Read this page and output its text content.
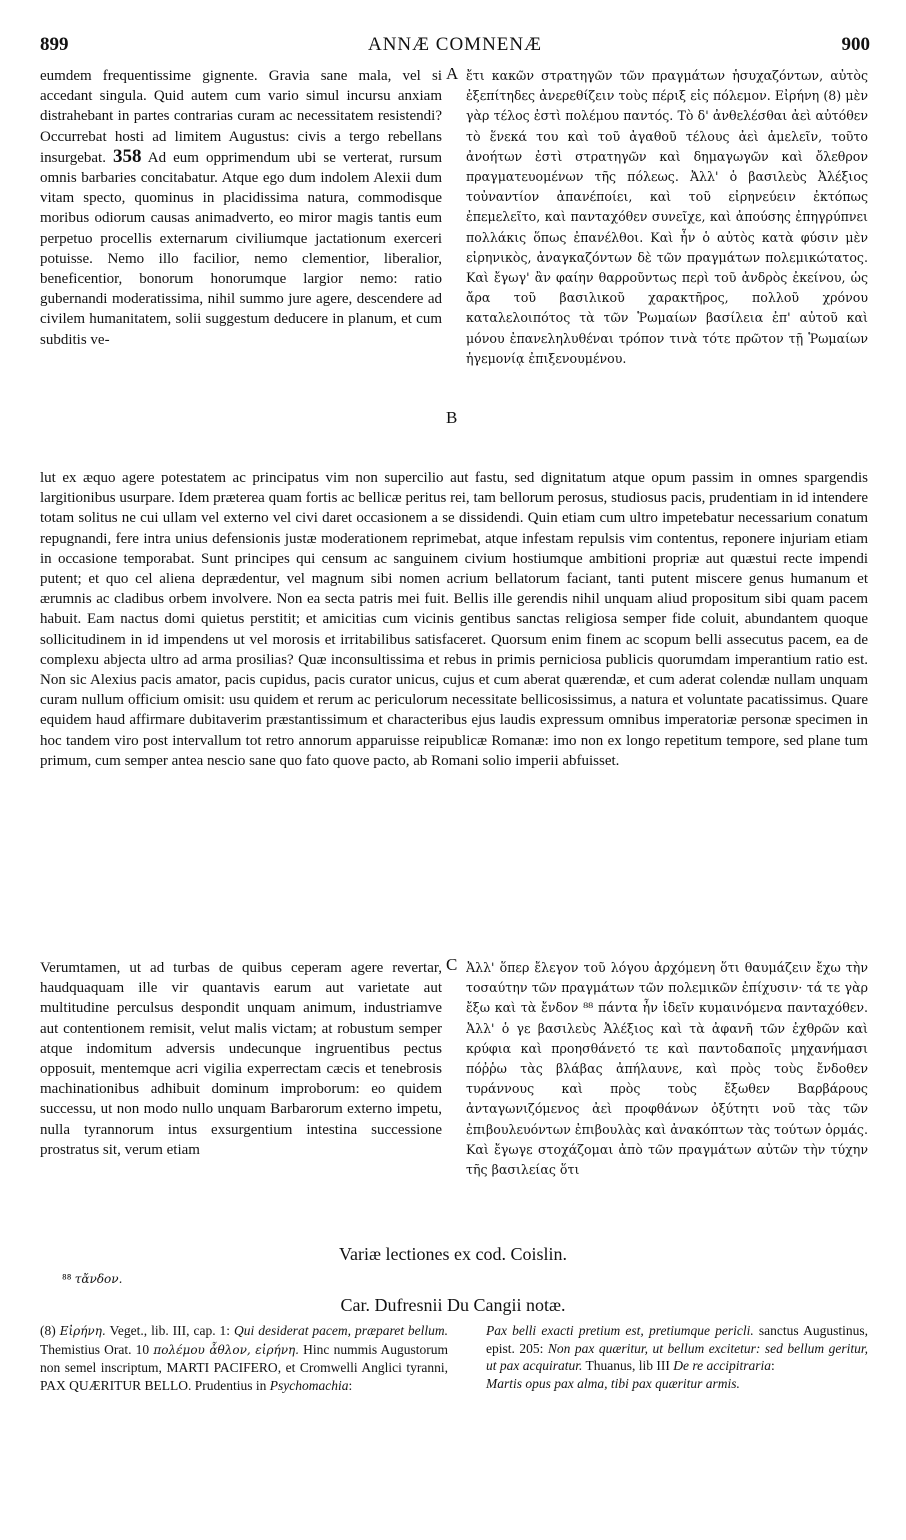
899	ANNÆ COMNENÆ	900
eumdem frequentissime gignente. Gravia sane mala, vel si accedant singula. Quid autem cum vario simul incursu anxiam distrahebant in partes contrarias curam ac necessitatem resistendi? Occurrebat hosti ad limitem Augustus: civis a tergo rebellans insurgebat. 358 Ad eum opprimendum ubi se verterat, rursum omnis barbaries concitabatur. Atque ego dum indolem Alexii dum vitam specto, quominus in placidissima natura, commodisque moribus odiorum causas animadverto, eo miror magis tantis eum perpetuo procellis externarum civiliumque jactationum exerceri potuisse. Nemo illo facilior, nemo clementior, liberalior, beneficentior, bonorum honorumque largior nemo: ratio gubernandi moderatissima, nihil summo jure agere, descendere ad civilem humanitatem, solii suggestum deducere in planum, et cum subditis ve-
A
B
ἔτι κακῶν στρατηγῶν τῶν πραγμάτων ἡσυχαζόντων, αὐτὸς ἐξεπίτηδες ἀνερεθίζειν τοὺς πέριξ εἰς πόλεμον. Εἰρήνη (8) μὲν γὰρ τέλος ἐστὶ πολέμου παντός. Τὸ δ' ἀνθελέσθαι ἀεὶ αὐτόθεν τὸ ἕνεκά του καὶ τοῦ ἀγαθοῦ τέλους ἀεὶ ἀμελεῖν, τοῦτο ἀνοήτων ἐστὶ στρατηγῶν καὶ δημαγωγῶν καὶ ὄλεθρον πραγματευομένων τῆς πόλεως. Ἀλλ' ὁ βασιλεὺς Ἀλέξιος τοὐναντίον ἀπανέποίει, καὶ τοῦ εἰρηνεύειν ἐκτόπως ἐπεμελεῖτο, καὶ πανταχόθεν συνεῖχε, καὶ ἀπούσης ἐπηγρύπνει πολλάκις ὅπως ἐπανέλθοι. Καὶ ἦν ὁ αὐτὸς κατὰ φύσιν μὲν εἰρηνικὸς, ἀναγκαζόντων δὲ τῶν πραγμάτων πολεμικώτατος. Καὶ ἔγωγ' ἂν φαίην θαρροῦντως περὶ τοῦ ἀνδρὸς ἐκείνου, ὡς ἄρα τοῦ βασιλικοῦ χαρακτῆρος, πολλοῦ χρόνου καταλελοιπότος τὰ τῶν Ῥωμαίων βασίλεια ἐπ' αὐτοῦ καὶ μόνου ἐπανεληλυθέναι τρόπον τινὰ τότε πρῶτον τῇ Ῥωμαίων ἡγεμονίᾳ ἐπιξενουμένου.
lut ex æquo agere potestatem ac principatus vim non supercilio aut fastu, sed dignitatum atque opum passim in omnes spargendis largitionibus usurpare. Idem præterea quam fortis ac bellicæ peritus rei, tam bellorum perosus, studiosus pacis, prudentiam in id intendere totam solitus ne cui ullam vel externo vel civi daret occasionem a se dissidendi. Quin etiam cum ultro impetebatur necessarium conatum repugnandi, fere intra unius defensionis justæ moderationem reprimebat, atque infestam repulsis vim contentus, reponere injuriam etiam in occasione temporabat. Sunt principes qui censum ac sanguinem civium hostiumque ambitioni propriæ aut quæstui recte impendi putent; et quo cel aliena deprædentur, vel magnum sibi nomen acrium bellatorum faciant, tanti putent miscere genus humanum et ærumnis ac cladibus orbem involvere. Non ea secta patris mei fuit. Bellis ille gerendis nihil unquam aliud propositum sibi quam pacem habuit. Eam nactus domi quietus perstitit; et amicitias cum vicinis gentibus sanctas religiosa semper fide coluit, abundantem quoque sollicitudinem in id impendens ut vel morosis et irritabilibus satisfaceret. Quorsum enim finem ac scopum belli assecutus pacem, ea de complexu abjecta ultro ad arma prosilias? Quæ inconsultissima et rebus in primis perniciosa publicis quorumdam imperantium ratio est. Non sic Alexius pacis amator, pacis cupidus, pacis curator unicus, cujus et cum aberat quærendæ, et cum aderat colendæ nullam unquam curam nullum officium omisit: usu quidem et rerum ac periculorum necessitate bellicosissimus, a natura et voluntate pacatissimus. Quare equidem haud affirmare dubitaverim præstantissimum et characteribus ejus laudis expressum omnibus imperatoriæ personæ specimen in hoc tandem viro post intervallum tot retro annorum apparuisse reipublicæ Romanæ: imo non ex longo repetitum tempore, sed plane tum primum, cum semper antea nescio sane quo fato quove pacto, ab Romani solio imperii abfuisset.
Verumtamen, ut ad turbas de quibus ceperam agere revertar, haudquaquam ille vir quantavis earum aut varietate aut multitudine perculsus despondit unquam animum, industriamve aut contentionem remisit, velut malis victam; at robustum semper atque indomitum adversis undecunque ingruentibus pectus opposuit, mentemque acri vigilia experrectam cæcis et tenebrosis machinationibus adhibuit dominum improborum: eo quidem successu, ut non modo nullo unquam Barbarorum externo impetu, nulla tyrannorum intus exsurgentium intestina successione prostratus sit, verum etiam
C Ἀλλ' ὅπερ ἔλεγον τοῦ λόγου ἀρχόμενη ὅτι θαυμάζειν ἔχω τὴν τοσαύτην τῶν πραγμάτων τῶν πολεμικῶν ἐπίχυσιν· τά τε γὰρ ἔξω καὶ τὰ ἔνδον ⁸⁸ πάντα ἦν ἰδεῖν κυμαινόμενα πανταχόθεν. Ἀλλ' ὁ γε βασιλεὺς Ἀλέξιος καὶ τὰ ἀφανῆ τῶν ἐχθρῶν καὶ κρύφια καὶ προησθάνετό τε καὶ παντοδαποῖς μηχανήμασι πόῤῥω τὰς βλάβας ἀπήλαυνε, καὶ πρὸς τοὺς ἔνδοθεν τυράννους καὶ πρὸς τοὺς ἔξωθεν Βαρβάρους ἀνταγωνιζόμενος ἀεὶ προφθάνων ὀξύτητι νοῦ τὰς τῶν ἐπιβουλευόντων ἐπιβουλὰς καὶ ἀνακόπτων τὰς τούτων ὁρμάς. Καὶ ἔγωγε στοχάζομαι ἀπὸ τῶν πραγμάτων αὐτῶν τὴν τύχην τῆς βασιλείας ὅτι
Variæ lectiones ex cod. Coislin.
⁸⁸ τἄνδον.
Car. Dufresnii Du Cangii notæ.
(8) Εἰρήνη. Veget., lib. III, cap. 1: Qui desiderat pacem, præparet bellum. Themistius Orat. 10 πολέμου ἆθλον, εἰρήνη. Hinc nummis Augustorum non semel inscriptum, MARTI PACIFERO, et Cromwelli Anglici tyranni, PAX QUÆRITUR BELLO. Prudentius in Psychomachia:
Pax belli exacti pretium est, pretiumque pericli. sanctus Augustinus, epist. 205: Non pax quæritur, ut bellum excitetur: sed bellum geritur, ut pax acquiratur. Thuanus, lib III De re accipitraria:
Martis opus pax alma, tibi pax quæritur armis.
